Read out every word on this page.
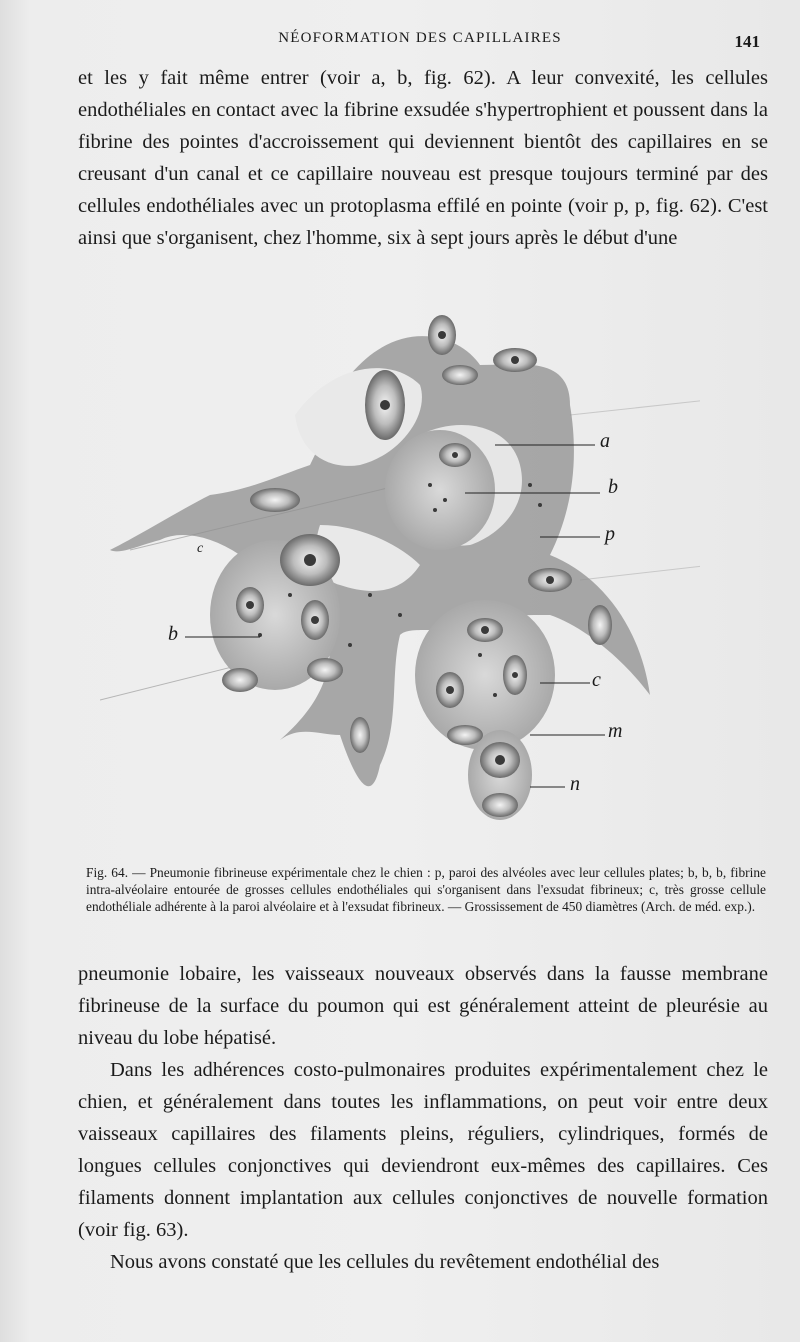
NÉOFORMATION DES CAPILLAIRES	141

et les y fait même entrer (voir a, b, fig. 62). A leur convexité, les cellules endothéliales en contact avec la fibrine exsudée s'hypertrophient et poussent dans la fibrine des pointes d'accroissement qui deviennent bientôt des capillaires en se creusant d'un canal et ce capillaire nouveau est presque toujours terminé par des cellules endothéliales avec un protoplasma effilé en pointe (voir p, p, fig. 62). C'est ainsi que s'organisent, chez l'homme, six à sept jours après le début d'une

a
b
p
c
b
c
m
n

Fig. 64. — Pneumonie fibrineuse expérimentale chez le chien : p, paroi des alvéoles avec leur cellules plates; b, b, b, fibrine intra-alvéolaire entourée de grosses cellules endothéliales qui s'organisent dans l'exsudat fibrineux; c, très grosse cellule endothéliale adhérente à la paroi alvéolaire et à l'exsudat fibrineux. — Grossissement de 450 diamètres (Arch. de méd. exp.).

pneumonie lobaire, les vaisseaux nouveaux observés dans la fausse membrane fibrineuse de la surface du poumon qui est généralement atteint de pleurésie au niveau du lobe hépatisé.

Dans les adhérences costo-pulmonaires produites expérimentalement chez le chien, et généralement dans toutes les inflammations, on peut voir entre deux vaisseaux capillaires des filaments pleins, réguliers, cylindriques, formés de longues cellules conjonctives qui deviendront eux-mêmes des capillaires. Ces filaments donnent implantation aux cellules conjonctives de nouvelle formation (voir fig. 63).

Nous avons constaté que les cellules du revêtement endothélial des
